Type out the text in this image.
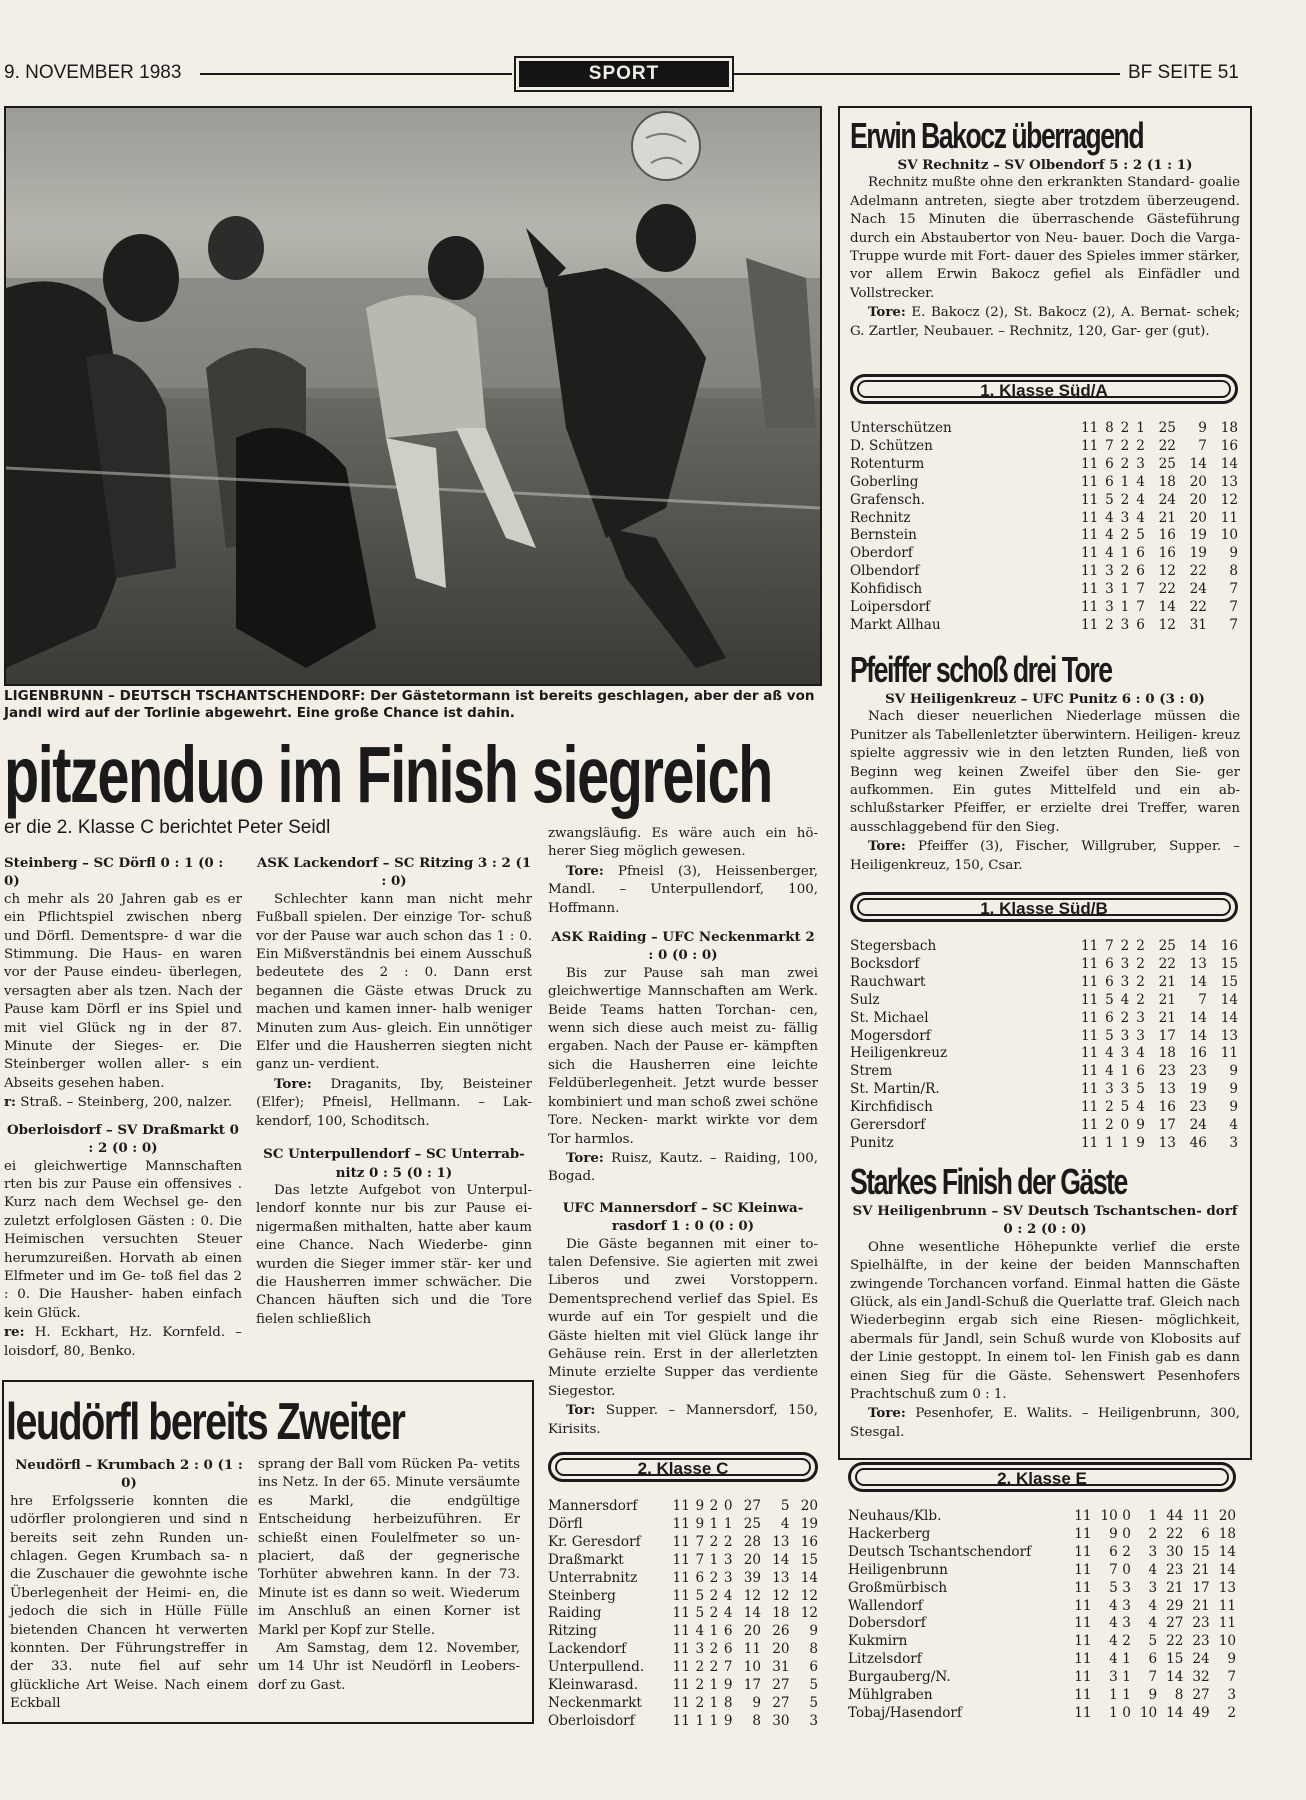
9. NOVEMBER 1983	SPORT	BF SEITE 51
LIGENBRUNN – DEUTSCH TSCHANTSCHENDORF: Der Gästetormann ist bereits geschlagen, aber der aß von Jandl wird auf der Torlinie abgewehrt. Eine große Chance ist dahin.
pitzenduo im Finish siegreich
er die 2. Klasse C berichtet Peter Seidl
Steinberg – SC Dörfl 0 : 1 (0 : 0)

ch mehr als 20 Jahren gab es er ein Pflichtspiel zwischen nberg und Dörfl. Dementspre- d war die Stimmung. Die Haus- en waren vor der Pause eindeu- überlegen, versagten aber als tzen. Nach der Pause kam Dörfl er ins Spiel und mit viel Glück ng in der 87. Minute der Sieges- er. Die Steinberger wollen aller- s ein Abseits gesehen haben.

r: Straß. – Steinberg, 200, nalzer.

Oberloisdorf – SV Draßmarkt 0 : 2 (0 : 0)

ei gleichwertige Mannschaften rten bis zur Pause ein offensives . Kurz nach dem Wechsel ge- den zuletzt erfolglosen Gästen : 0. Die Heimischen versuchten Steuer herumzureißen. Horvath ab einen Elfmeter und im Ge- toß fiel das 2 : 0. Die Hausher- haben einfach kein Glück.

re: H. Eckhart, Hz. Kornfeld. – loisdorf, 80, Benko.

ASK Lackendorf – SC Ritzing 3 : 2 (1 : 0)

Schlechter kann man nicht mehr Fußball spielen. Der einzige Tor- schuß vor der Pause war auch schon das 1 : 0. Ein Mißverständnis bei einem Ausschuß bedeutete des 2 : 0. Dann erst begannen die Gäste etwas Druck zu machen und kamen inner- halb weniger Minuten zum Aus- gleich. Ein unnötiger Elfer und die Hausherren siegten nicht ganz un- verdient.

Tore: Draganits, Iby, Beisteiner (Elfer); Pfneisl, Hellmann. – Lak- kendorf, 100, Schoditsch.

SC Unterpullendorf – SC Unterrab- nitz 0 : 5 (0 : 1)

Das letzte Aufgebot von Unterpul- lendorf konnte nur bis zur Pause ei- nigermaßen mithalten, hatte aber kaum eine Chance. Nach Wiederbe- ginn wurden die Sieger immer stär- ker und die Hausherren immer schwächer. Die Chancen häuften sich und die Tore fielen schließlich

zwangsläufig. Es wäre auch ein hö- herer Sieg möglich gewesen.

Tore: Pfneisl (3), Heissenberger, Mandl. – Unterpullendorf, 100, Hoffmann.

ASK Raiding – UFC Neckenmarkt 2 : 0 (0 : 0)

Bis zur Pause sah man zwei gleichwertige Mannschaften am Werk. Beide Teams hatten Torchan- cen, wenn sich diese auch meist zu- fällig ergaben. Nach der Pause er- kämpften sich die Hausherren eine leichte Feldüberlegenheit. Jetzt wurde besser kombiniert und man schoß zwei schöne Tore. Necken- markt wirkte vor dem Tor harmlos.

Tore: Ruisz, Kautz. – Raiding, 100, Bogad.

UFC Mannersdorf – SC Kleinwa- rasdorf 1 : 0 (0 : 0)

Die Gäste begannen mit einer to- talen Defensive. Sie agierten mit zwei Liberos und zwei Vorstoppern. Dementsprechend verlief das Spiel. Es wurde auf ein Tor gespielt und die Gäste hielten mit viel Glück lange ihr Gehäuse rein. Erst in der allerletzten Minute erzielte Supper das verdiente Siegestor.

Tor: Supper. – Mannersdorf, 150, Kirisits.

leudörfl bereits Zweiter
Neudörfl – Krumbach 2 : 0 (1 : 0)

hre Erfolgsserie konnten die udörfler prolongieren und sind n bereits seit zehn Runden un- chlagen. Gegen Krumbach sa- n die Zuschauer die gewohnte ische Überlegenheit der Heimi- en, die jedoch die sich in Hülle Fülle bietenden Chancen ht verwerten konnten. Der Führungstreffer in der 33. nute fiel auf sehr glückliche Art Weise. Nach einem Eckball

sprang der Ball vom Rücken Pa- vetits ins Netz. In der 65. Minute versäumte es Markl, die endgültige Entscheidung herbeizuführen. Er schießt einen Foulelfmeter so un- placiert, daß der gegnerische Torhüter abwehren kann. In der 73. Minute ist es dann so weit. Wiederum im Anschluß an einen Korner ist Markl per Kopf zur Stelle.

Am Samstag, dem 12. November, um 14 Uhr ist Neudörfl in Leobers- dorf zu Gast.

Erwin Bakocz überragend
SV Rechnitz – SV Olbendorf 5 : 2 (1 : 1)

Rechnitz mußte ohne den erkrankten Standard- goalie Adelmann antreten, siegte aber trotzdem überzeugend. Nach 15 Minuten die überraschende Gästeführung durch ein Abstaubertor von Neu- bauer. Doch die Varga-Truppe wurde mit Fort- dauer des Spieles immer stärker, vor allem Erwin Bakocz gefiel als Einfädler und Vollstrecker.

Tore: E. Bakocz (2), St. Bakocz (2), A. Bernat- schek; G. Zartler, Neubauer. – Rechnitz, 120, Gar- ger (gut).

1. Klasse Süd/A
Unterschützen	11	8	2	1	25	9	18
D. Schützen	11	7	2	2	22	7	16
Rotenturm	11	6	2	3	25	14	14
Goberling	11	6	1	4	18	20	13
Grafensch.	11	5	2	4	24	20	12
Rechnitz	11	4	3	4	21	20	11
Bernstein	11	4	2	5	16	19	10
Oberdorf	11	4	1	6	16	19	9
Olbendorf	11	3	2	6	12	22	8
Kohfidisch	11	3	1	7	22	24	7
Loipersdorf	11	3	1	7	14	22	7
Markt Allhau	11	2	3	6	12	31	7
Pfeiffer schoß drei Tore
SV Heiligenkreuz – UFC Punitz 6 : 0 (3 : 0)

Nach dieser neuerlichen Niederlage müssen die Punitzer als Tabellenletzter überwintern. Heiligen- kreuz spielte aggressiv wie in den letzten Runden, ließ von Beginn weg keinen Zweifel über den Sie- ger aufkommen. Ein gutes Mittelfeld und ein ab- schlußstarker Pfeiffer, er erzielte drei Treffer, waren ausschlaggebend für den Sieg.

Tore: Pfeiffer (3), Fischer, Willgruber, Supper. – Heiligenkreuz, 150, Csar.

1. Klasse Süd/B
Stegersbach	11	7	2	2	25	14	16
Bocksdorf	11	6	3	2	22	13	15
Rauchwart	11	6	3	2	21	14	15
Sulz	11	5	4	2	21	7	14
St. Michael	11	6	2	3	21	14	14
Mogersdorf	11	5	3	3	17	14	13
Heiligenkreuz	11	4	3	4	18	16	11
Strem	11	4	1	6	23	23	9
St. Martin/R.	11	3	3	5	13	19	9
Kirchfidisch	11	2	5	4	16	23	9
Gerersdorf	11	2	0	9	17	24	4
Punitz	11	1	1	9	13	46	3
Starkes Finish der Gäste
SV Heiligenbrunn – SV Deutsch Tschantschen- dorf 0 : 2 (0 : 0)

Ohne wesentliche Höhepunkte verlief die erste Spielhälfte, in der keine der beiden Mannschaften zwingende Torchancen vorfand. Einmal hatten die Gäste Glück, als ein Jandl-Schuß die Querlatte traf. Gleich nach Wiederbeginn ergab sich eine Riesen- möglichkeit, abermals für Jandl, sein Schuß wurde von Klobosits auf der Linie gestoppt. In einem tol- len Finish gab es dann einen Sieg für die Gäste. Sehenswert Pesenhofers Prachtschuß zum 0 : 1.

Tore: Pesenhofer, E. Walits. – Heiligenbrunn, 300, Stesgal.

2. Klasse C
Mannersdorf	11	9	2	0	27	5	20
Dörfl	11	9	1	1	25	4	19
Kr. Geresdorf	11	7	2	2	28	13	16
Draßmarkt	11	7	1	3	20	14	15
Unterrabnitz	11	6	2	3	39	13	14
Steinberg	11	5	2	4	12	12	12
Raiding	11	5	2	4	14	18	12
Ritzing	11	4	1	6	20	26	9
Lackendorf	11	3	2	6	11	20	8
Unterpullend.	11	2	2	7	10	31	6
Kleinwarasd.	11	2	1	9	17	27	5
Neckenmarkt	11	2	1	8	9	27	5
Oberloisdorf	11	1	1	9	8	30	3
2. Klasse E
Neuhaus/Klb.	11	10	0	1	44	11	20
Hackerberg	11	9	0	2	22	6	18
Deutsch Tschantschendorf	11	6	2	3	30	15	14
Heiligenbrunn	11	7	0	4	23	21	14
Großmürbisch	11	5	3	3	21	17	13
Wallendorf	11	4	3	4	29	21	11
Dobersdorf	11	4	3	4	27	23	11
Kukmirn	11	4	2	5	22	23	10
Litzelsdorf	11	4	1	6	15	24	9
Burgauberg/N.	11	3	1	7	14	32	7
Mühlgraben	11	1	1	9	8	27	3
Tobaj/Hasendorf	11	1	0	10	14	49	2
